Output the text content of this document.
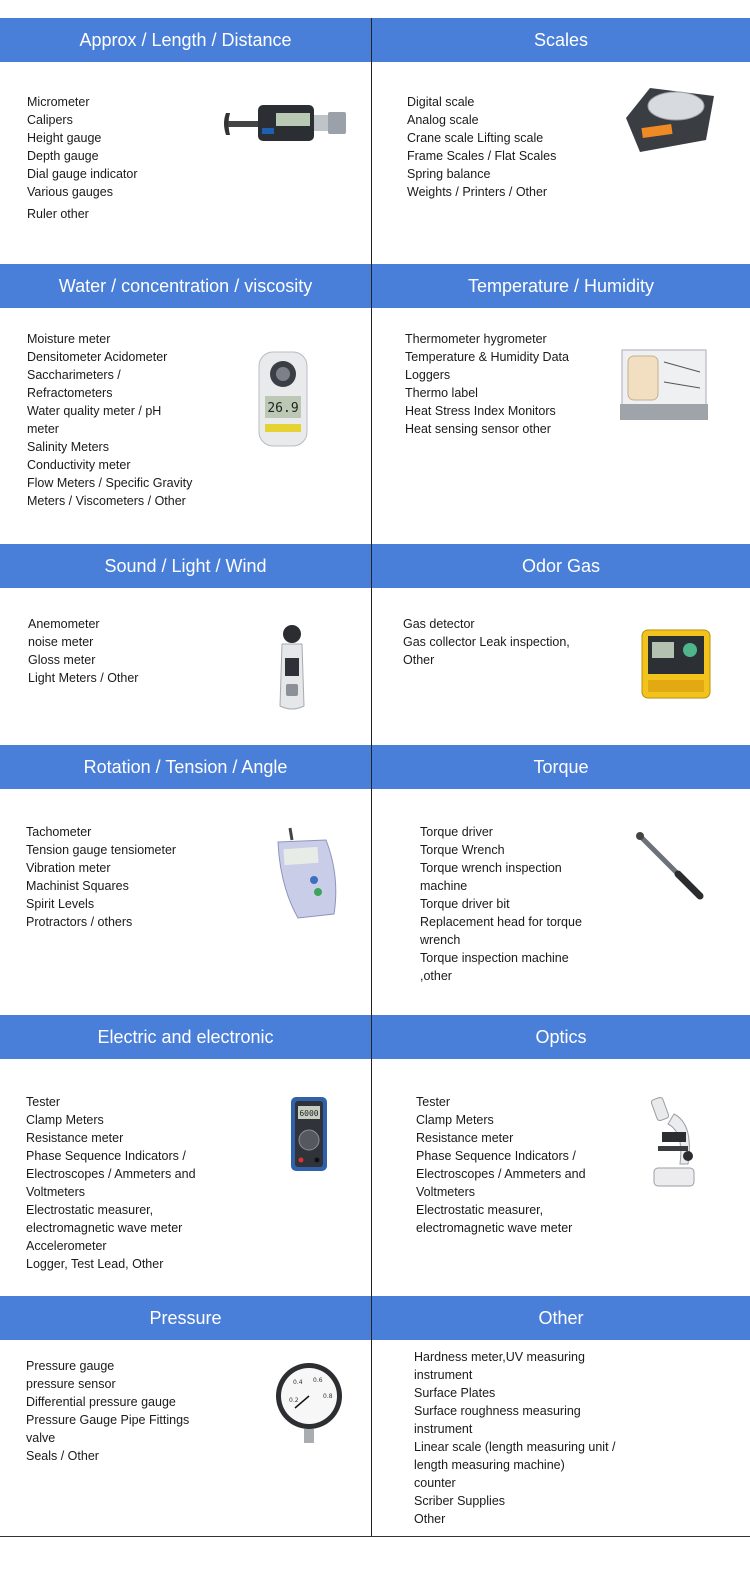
Approx / Length / Distance	Scales
Micrometer
Calipers
Height gauge
Depth gauge
Dial gauge indicator
Various gauges
Ruler other
Digital scale
Analog scale
Crane scale Lifting scale
Frame Scales / Flat Scales
Spring balance
Weights / Printers / Other
Water / concentration / viscosity	Temperature / Humidity
Moisture meter
Densitometer Acidometer
Saccharimeters /
Refractometers
Water quality meter / pH
meter
Salinity Meters
Conductivity meter
Flow Meters / Specific Gravity
Meters / Viscometers / Other
26.9
Thermometer hygrometer
Temperature & Humidity Data
Loggers
Thermo label
Heat Stress Index Monitors
Heat sensing sensor other
Sound / Light / Wind	Odor Gas
Anemometer
noise meter
Gloss meter
Light Meters / Other
Gas detector
Gas collector Leak inspection,
Other
Rotation / Tension / Angle	Torque
Tachometer
Tension gauge tensiometer
Vibration meter
Machinist Squares
Spirit Levels
Protractors / others
Torque driver
Torque Wrench
Torque wrench inspection
machine
Torque driver bit
Replacement head for torque
wrench
Torque inspection machine
,other
Electric and electronic	Optics
Tester
Clamp Meters
Resistance meter
Phase Sequence Indicators /
Electroscopes / Ammeters and
Voltmeters
Electrostatic measurer,
electromagnetic wave meter
Accelerometer
Logger, Test Lead, Other
6000
Tester
Clamp Meters
Resistance meter
Phase Sequence Indicators /
Electroscopes / Ammeters and
Voltmeters
Electrostatic measurer,
electromagnetic wave meter
Pressure	Other
Pressure gauge
pressure sensor
Differential pressure gauge
Pressure Gauge Pipe Fittings
valve
Seals / Other
0.2
0.4 0.6
0.8
Hardness meter,UV measuring
instrument
Surface Plates
Surface roughness measuring
instrument
Linear scale (length measuring unit /
length measuring machine)
counter
Scriber Supplies
Other
